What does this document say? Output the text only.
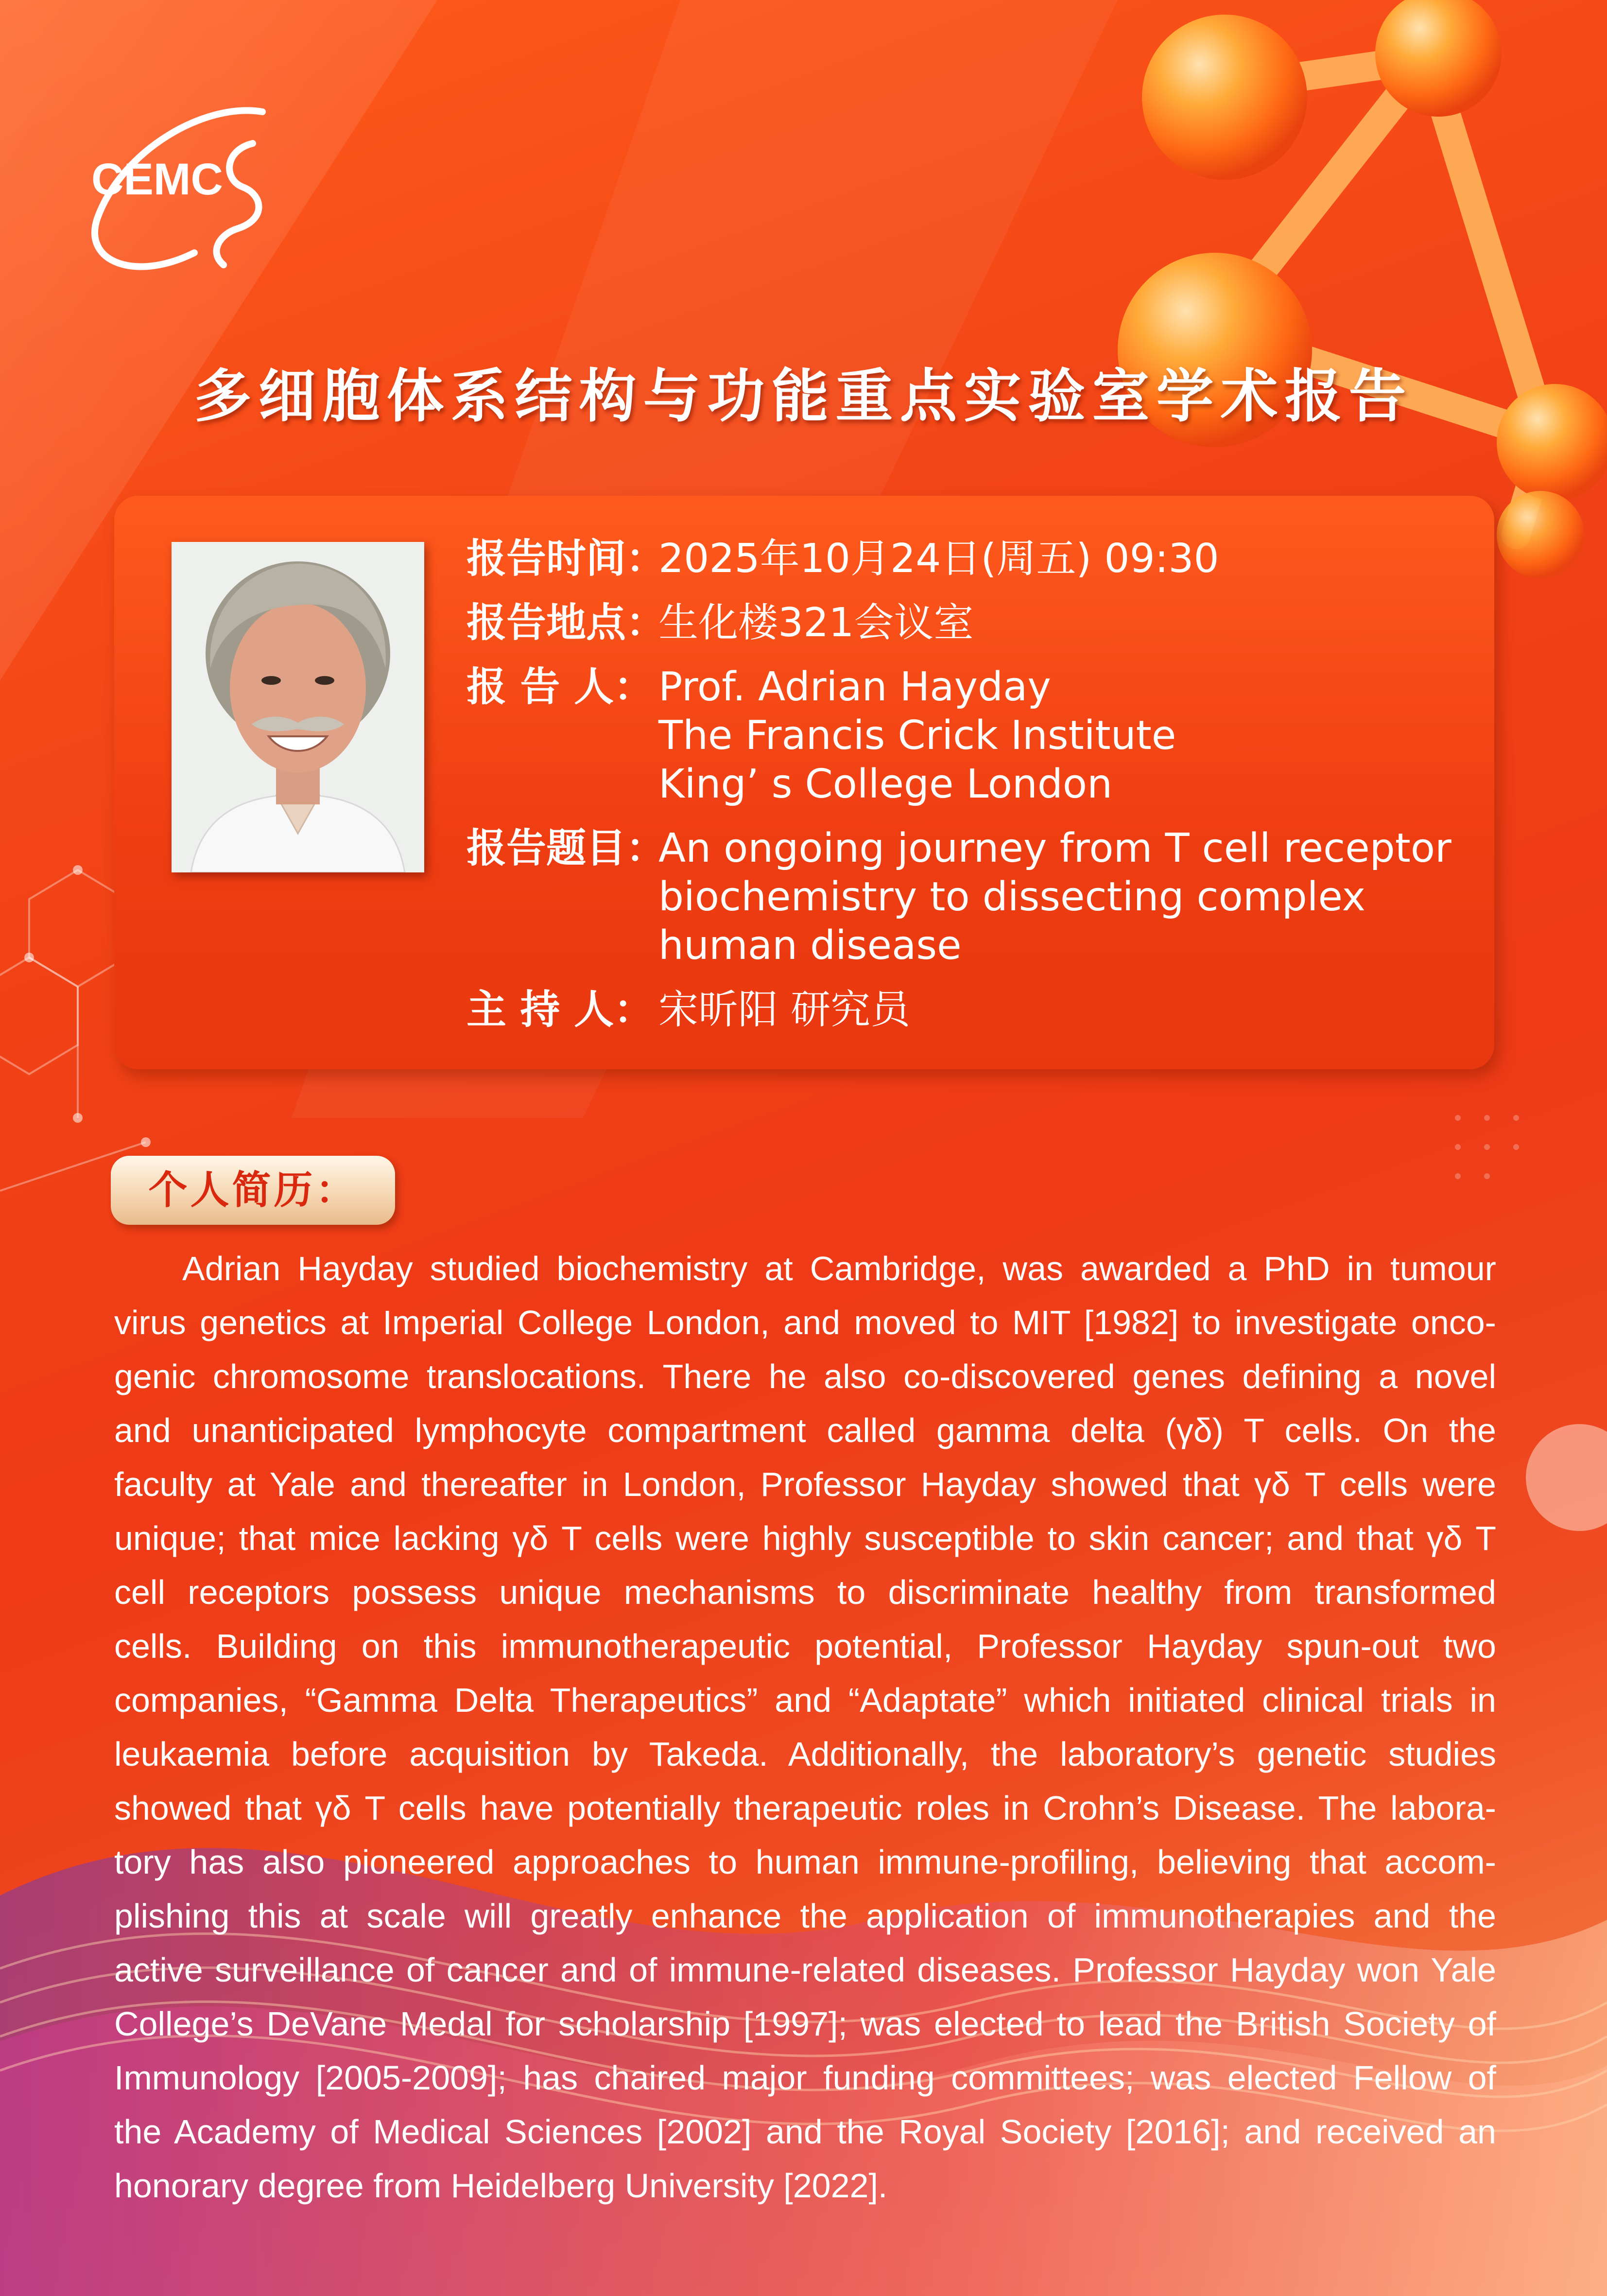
CEMC
多细胞体系结构与功能重点实验室学术报告
报告时间：
2025年10月24日(周五) 09:30
报告地点：
生化楼321会议室
报 告 人： Prof. Adrian Hayday
The Francis Crick Institute
King’ s College London
报告题目：
An ongoing journey from T cell receptor
biochemistry to dissecting complex
human disease
主 持 人： 宋昕阳 研究员
个人简历：
Adrian Hayday studied biochemistry at Cambridge, was awarded a PhD in tumour
virus genetics at Imperial College London, and moved to MIT [1982] to investigate onco-
genic chromosome translocations. There he also co-discovered genes defining a novel
and unanticipated lymphocyte compartment called gamma delta (γδ) T cells. On the
faculty at Yale and thereafter in London, Professor Hayday showed that γδ T cells were
unique; that mice lacking γδ T cells were highly susceptible to skin cancer; and that γδ T
cell receptors possess unique mechanisms to discriminate healthy from transformed
cells. Building on this immunotherapeutic potential, Professor Hayday spun-out two
companies, “Gamma Delta Therapeutics” and “Adaptate” which initiated clinical trials in
leukaemia before acquisition by Takeda. Additionally, the laboratory’s genetic studies
showed that γδ T cells have potentially therapeutic roles in Crohn’s Disease. The labora-
tory has also pioneered approaches to human immune-profiling, believing that accom-
plishing this at scale will greatly enhance the application of immunotherapies and the
active surveillance of cancer and of immune-related diseases. Professor Hayday won Yale
College’s DeVane Medal for scholarship [1997]; was elected to lead the British Society of
Immunology [2005-2009]; has chaired major funding committees; was elected Fellow of
the Academy of Medical Sciences [2002] and the Royal Society [2016]; and received an
honorary degree from Heidelberg University [2022].
